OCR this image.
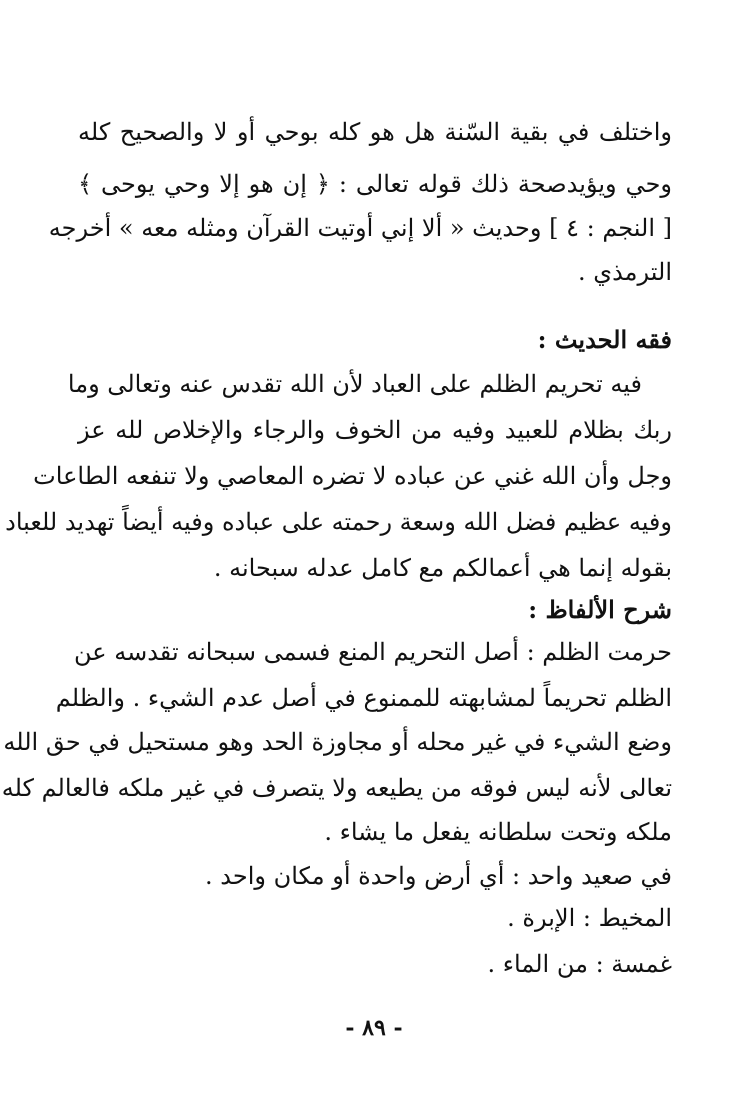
واختلف في بقية السّنة هل هو كله بوحي أو لا والصحيح كله
وحي ويؤيدصحة ذلك قوله تعالى : ﴿ إن هو إلا وحي يوحى ﴾
[ النجم : ٤ ] وحديث « ألا إني أوتيت القرآن ومثله معه » أخرجه
الترمذي .
فقه الحديث :
فيه تحريم الظلم على العباد لأن الله تقدس عنه وتعالى وما
ربك بظلام للعبيد وفيه من الخوف والرجاء والإخلاص لله عز
وجل وأن الله غني عن عباده لا تضره المعاصي ولا تنفعه الطاعات
وفيه عظيم فضل الله وسعة رحمته على عباده وفيه أيضاً تهديد للعباد
بقوله إنما هي أعمالكم مع كامل عدله سبحانه .
شرح الألفاظ :
حرمت الظلم : أصل التحريم المنع فسمى سبحانه تقدسه عن
الظلم تحريماً لمشابهته للممنوع في أصل عدم الشيء . والظلم
وضع الشيء في غير محله أو مجاوزة الحد وهو مستحيل في حق الله
تعالى لأنه ليس فوقه من يطيعه ولا يتصرف في غير ملكه فالعالم كله
ملكه وتحت سلطانه يفعل ما يشاء .
في صعيد واحد : أي أرض واحدة أو مكان واحد .
المخيط : الإبرة .
غمسة : من الماء .
- ٨٩ -
